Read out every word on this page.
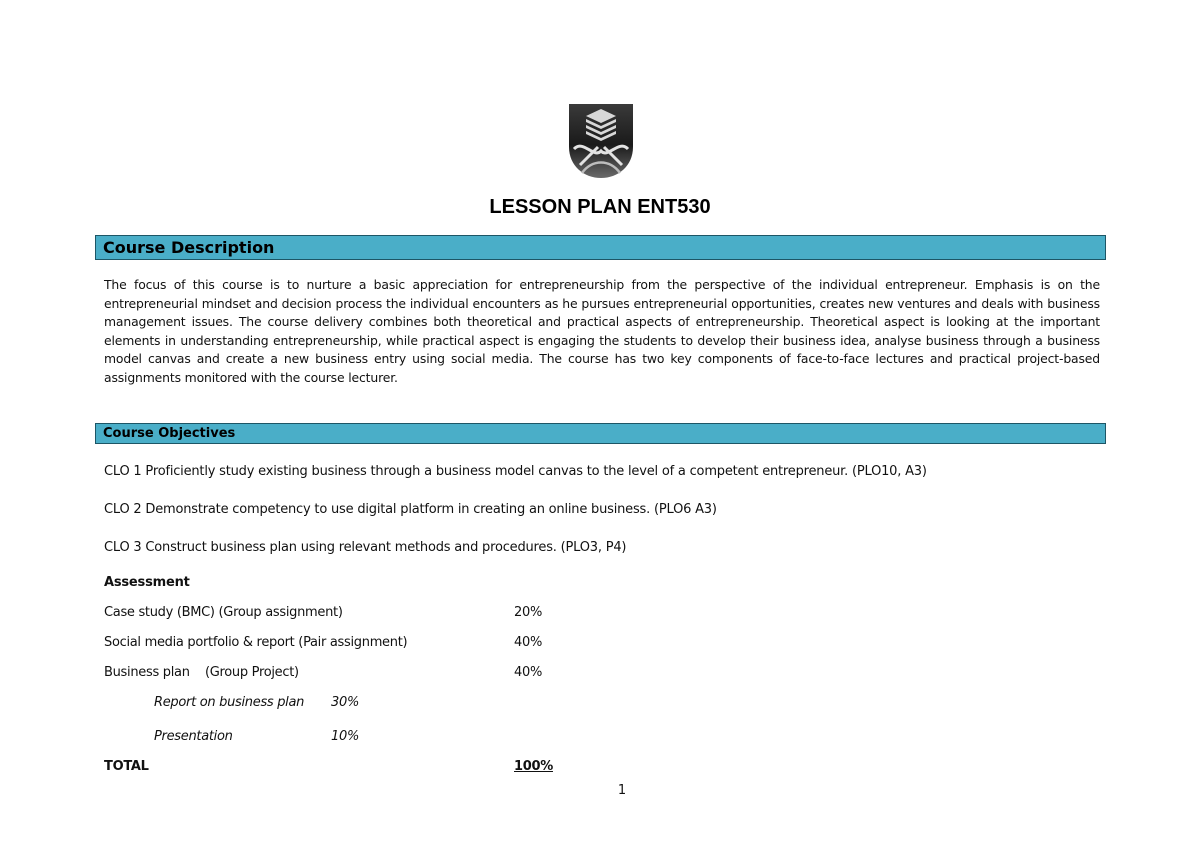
LESSON PLAN ENT530
Course Description

The focus of this course is to nurture a basic appreciation for entrepreneurship from the perspective of the individual entrepreneur. Emphasis is on the entrepreneurial mindset and decision process the individual encounters as he pursues entrepreneurial opportunities, creates new ventures and deals with business management issues. The course delivery combines both theoretical and practical aspects of entrepreneurship. Theoretical aspect is looking at the important elements in understanding entrepreneurship, while practical aspect is engaging the students to develop their business idea, analyse business through a business model canvas and create a new business entry using social media. The course has two key components of face-to-face lectures and practical project-based assignments monitored with the course lecturer.

Course Objectives
CLO 1 Proficiently study existing business through a business model canvas to the level of a competent entrepreneur. (PLO10, A3)
CLO 2 Demonstrate competency to use digital platform in creating an online business. (PLO6 A3)
CLO 3 Construct business plan using relevant methods and procedures. (PLO3, P4)
Assessment
Case study (BMC) (Group assignment)	20%
Social media portfolio & report (Pair assignment)	40%
Business plan    (Group Project)	40%
Report on business plan 30%
Presentation	10%
TOTAL	100%
1
